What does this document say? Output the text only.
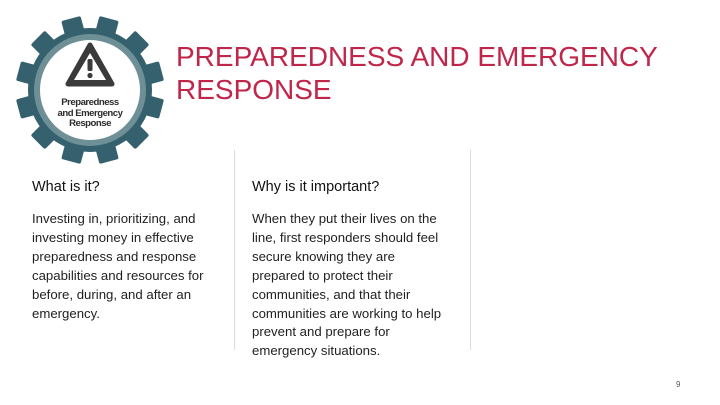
Preparedness
and Emergency
Response
PREPAREDNESS AND EMERGENCY
RESPONSE
What is it?

Investing in, prioritizing, and
investing money in effective
preparedness and response
capabilities and resources for
before, during, and after an
emergency.

Why is it important?

When they put their lives on the
line, first responders should feel
secure knowing they are
prepared to protect their
communities, and that their
communities are working to help
prevent and prepare for
emergency situations.

9
